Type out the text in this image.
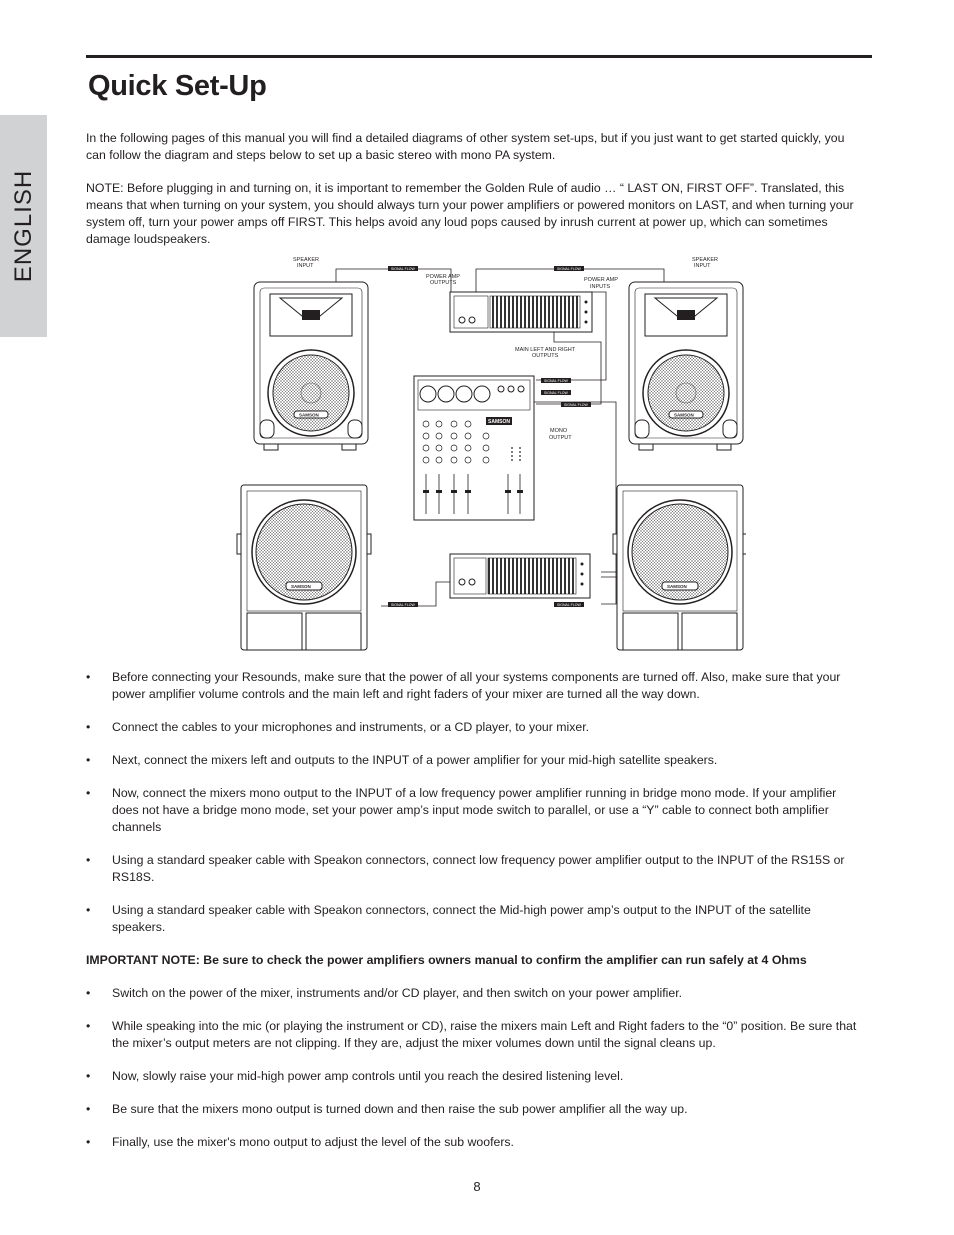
Quick Set-Up
ENGLISH

In the following pages of this manual you will find a detailed diagrams of other system set-ups, but if you just want to get started quickly, you can follow the diagram and steps below to set up a basic stereo with mono PA system.

NOTE: Before plugging in and turning on, it is important to remember the Golden Rule of audio … “ LAST ON, FIRST OFF”. Translated, this means that when turning on your system, you should always turn your power amplifiers or powered monitors on LAST, and when turning your system off, turn your power amps off FIRST. This helps avoid any loud pops caused by inrush current at power up, which can sometimes damage loudspeakers.

SIGNAL FLOW	SIGNAL FLOW
SIGNAL FLOW
SIGNAL FLOW
SIGNAL FLOW
SIGNAL FLOW	SIGNAL FLOW
SPEAKER
INPUT
SPEAKER
INPUT
POWER AMP
OUTPUTS	POWER AMP
INPUTS
MAIN LEFT AND RIGHT
OUTPUTS
MONO
OUTPUT
SAMSON	SAMSON
SAMSON
SAMSON	SAMSON
• Before connecting your Resounds, make sure that the power of all your systems components are turned off. Also, make sure that your power amplifier volume controls and the main left and right faders of your mixer are turned all the way down.
• Connect the cables to your microphones and instruments, or a CD player, to your mixer.
• Next, connect the mixers left and outputs to the INPUT of a power amplifier for your mid-high satellite speakers.
• Now, connect the mixers mono output to the INPUT of a low frequency power amplifier running in bridge mono mode. If your amplifier does not have a bridge mono mode, set your power amp’s input mode switch to parallel, or use a “Y” cable to connect both amplifier channels
• Using a standard speaker cable with Speakon connectors, connect low frequency power amplifier output to the INPUT of the RS15S or RS18S.
• Using a standard speaker cable with Speakon connectors, connect the Mid-high power amp’s output to the INPUT of the satellite speakers.
IMPORTANT NOTE: Be sure to check the power amplifiers owners manual to confirm the amplifier can run safely at 4 Ohms
• Switch on the power of the mixer, instruments and/or CD player, and then switch on your power amplifier.
• While speaking into the mic (or playing the instrument or CD), raise the mixers main Left and Right faders to the “0” position. Be sure that the mixer’s output meters are not clipping. If they are, adjust the mixer volumes down until the signal cleans up.
• Now, slowly raise your mid-high power amp controls until you reach the desired listening level.
• Be sure that the mixers mono output is turned down and then raise the sub power amplifier all the way up.
• Finally, use the mixer's mono output to adjust the level of the sub woofers.
8
